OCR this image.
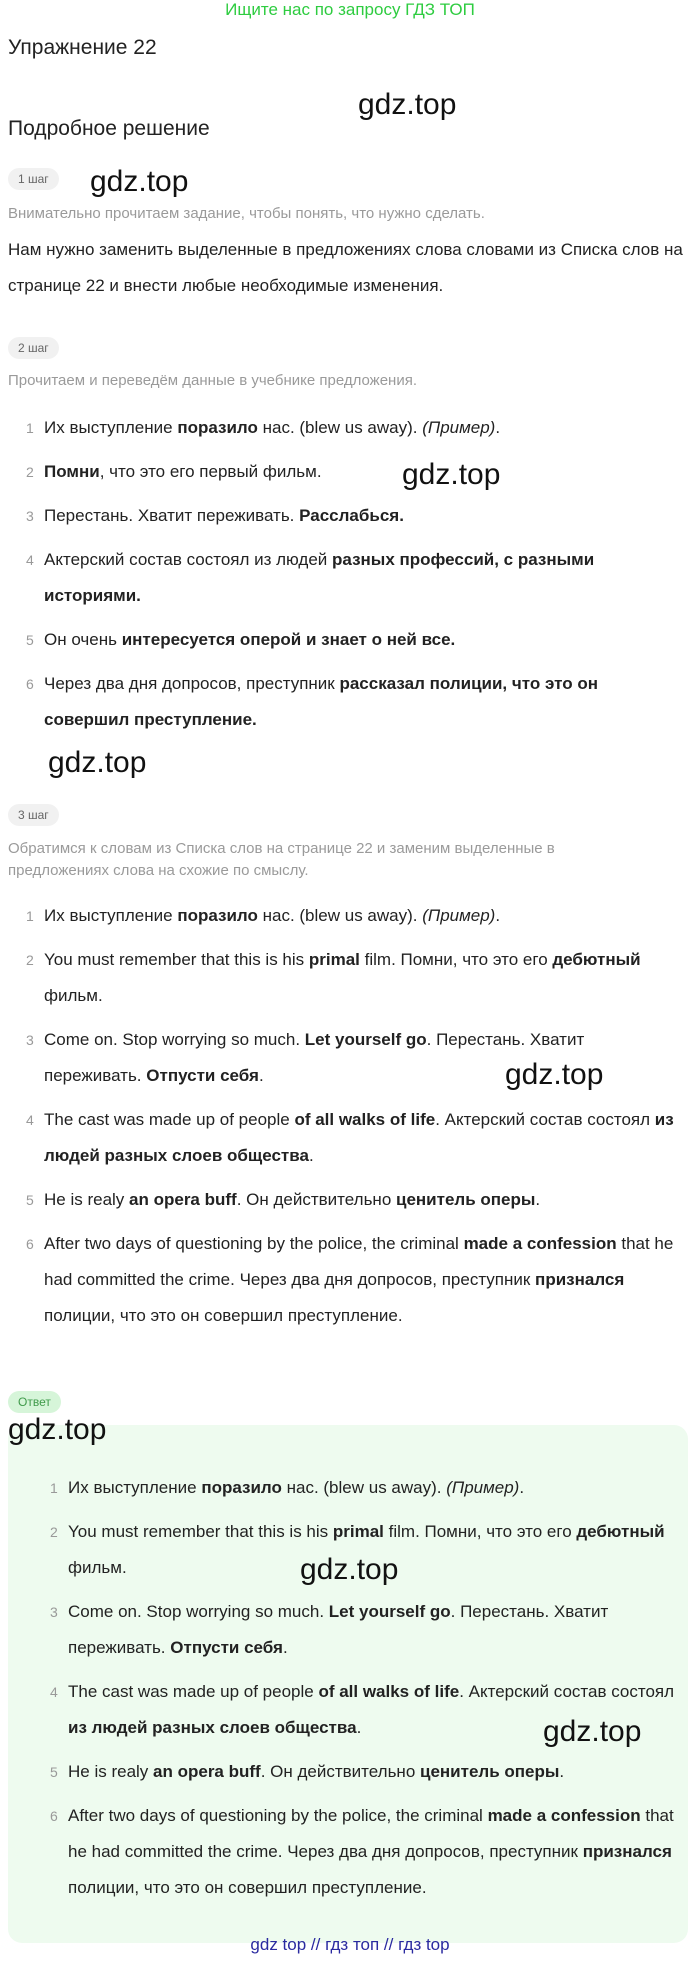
Ищите нас по запросу ГДЗ ТОП
Упражнение 22
gdz.top
Подробное решение
1 шаг	gdz.top
Внимательно прочитаем задание, чтобы понять, что нужно сделать.
Нам нужно заменить выделенные в предложениях слова словами из Списка слов на странице 22 и внести любые необходимые изменения.
2 шаг
Прочитаем и переведём данные в учебнике предложения.
1 Их выступление поразило нас. (blew us away). (Пример).
2 Помни, что это его первый фильм.
3 Перестань. Хватит переживать. Расслабься.
4 Актерский состав состоял из людей разных профессий, с разными историями.
5 Он очень интересуется оперой и знает о ней все.
6 Через два дня допросов, преступник рассказал полиции, что это он совершил преступление.
gdz.top
gdz.top
3 шаг
Обратимся к словам из Списка слов на странице 22 и заменим выделенные в предложениях слова на схожие по смыслу.
1 Их выступление поразило нас. (blew us away). (Пример).
2 You must remember that this is his primal film. Помни, что это его дебютный фильм.
3 Come on. Stop worrying so much. Let yourself go. Перестань. Хватит переживать. Отпусти себя.
4 The cast was made up of people of all walks of life. Актерский состав состоял из людей разных слоев общества.
5 He is realy an opera buff. Он действительно ценитель оперы.
6 After two days of questioning by the police, the criminal made a confession that he had committed the crime. Через два дня допросов, преступник признался полиции, что это он совершил преступление.
gdz.top
Ответ
gdz.top
1 Их выступление поразило нас. (blew us away). (Пример).
2 You must remember that this is his primal film. Помни, что это его дебютный фильм.
3 Come on. Stop worrying so much. Let yourself go. Перестань. Хватит переживать. Отпусти себя.
4 The cast was made up of people of all walks of life. Актерский состав состоял из людей разных слоев общества.
5 He is realy an opera buff. Он действительно ценитель оперы.
6 After two days of questioning by the police, the criminal made a confession that he had committed the crime. Через два дня допросов, преступник признался полиции, что это он совершил преступление.
gdz.top
gdz.top
gdz top // гдз топ // гдз top
